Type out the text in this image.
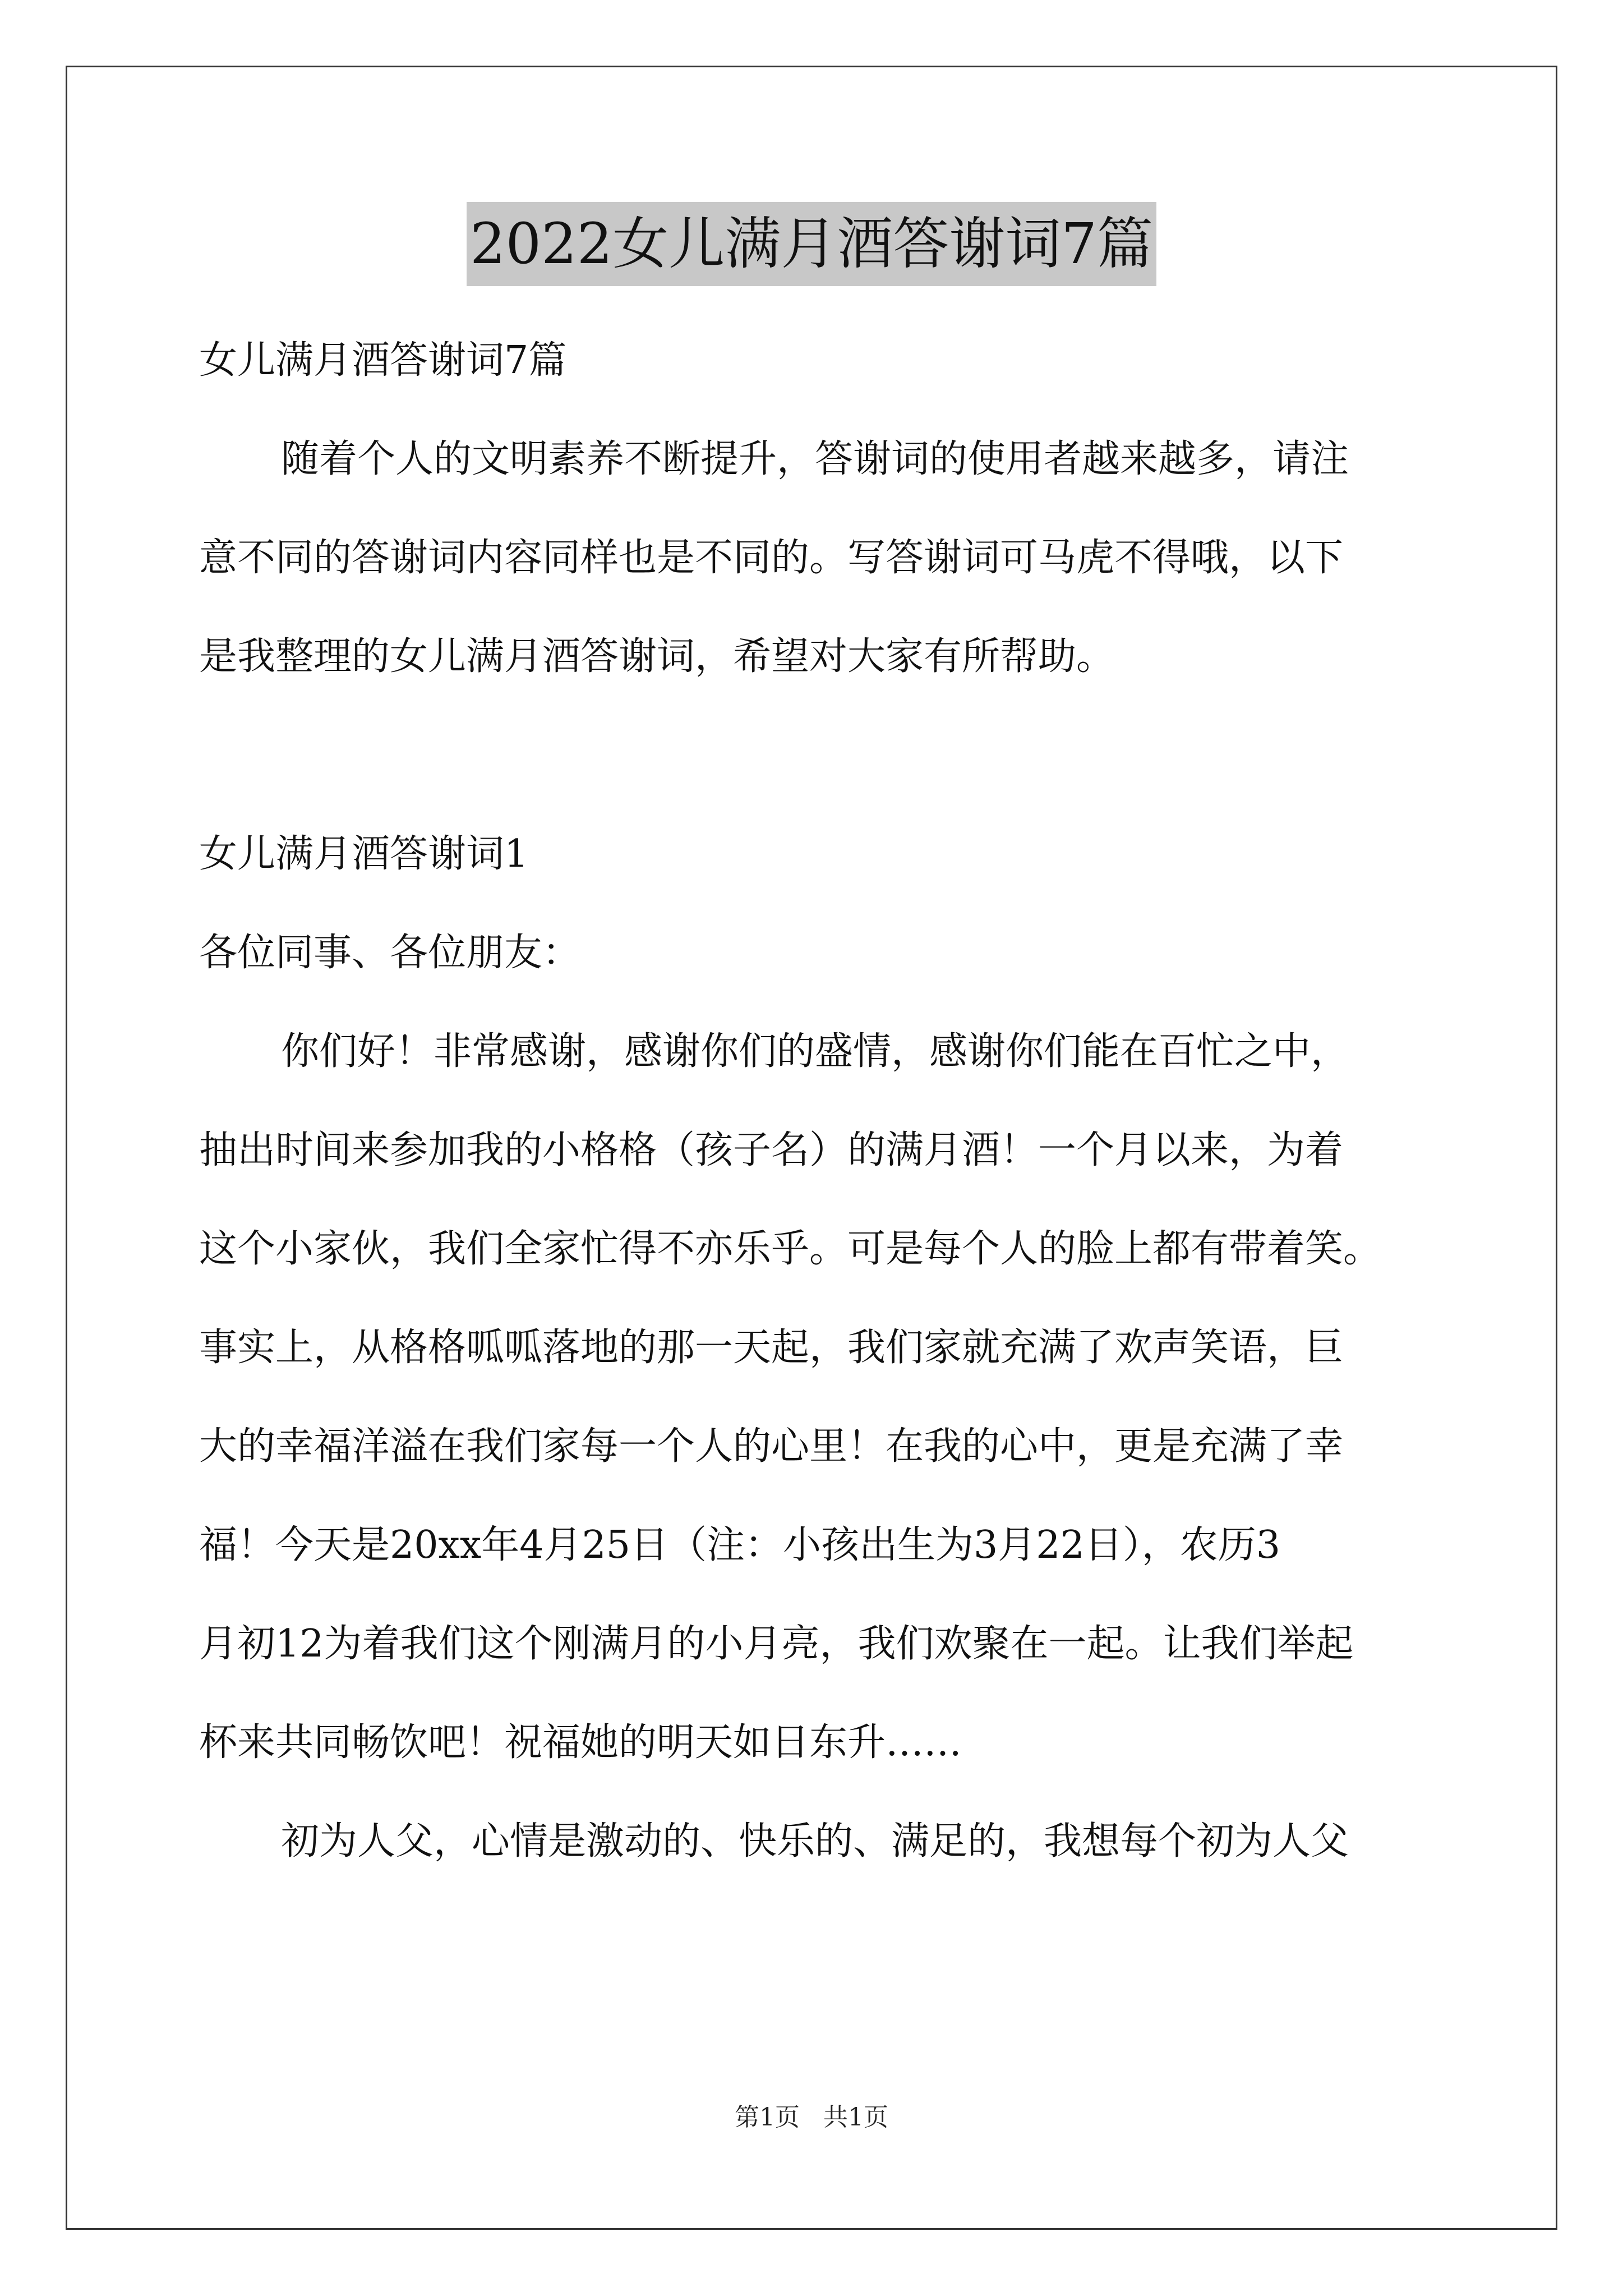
2022女儿满月酒答谢词7篇
女儿满月酒答谢词7篇
随着个人的文明素养不断提升，答谢词的使用者越来越多，请注
意不同的答谢词内容同样也是不同的。写答谢词可马虎不得哦，以下
是我整理的女儿满月酒答谢词，希望对大家有所帮助。
女儿满月酒答谢词1
各位同事、各位朋友：
你们好！非常感谢，感谢你们的盛情，感谢你们能在百忙之中，
抽出时间来参加我的小格格（孩子名）的满月酒！一个月以来，为着
这个小家伙，我们全家忙得不亦乐乎。可是每个人的脸上都有带着笑。
事实上，从格格呱呱落地的那一天起，我们家就充满了欢声笑语，巨
大的幸福洋溢在我们家每一个人的心里！在我的心中，更是充满了幸
福！今天是20xx年4月25日（注：小孩出生为3月22日），农历3
月初12为着我们这个刚满月的小月亮，我们欢聚在一起。让我们举起
杯来共同畅饮吧！祝福她的明天如日东升……
初为人父，心情是激动的、快乐的、满足的，我想每个初为人父
第1页 共1页
